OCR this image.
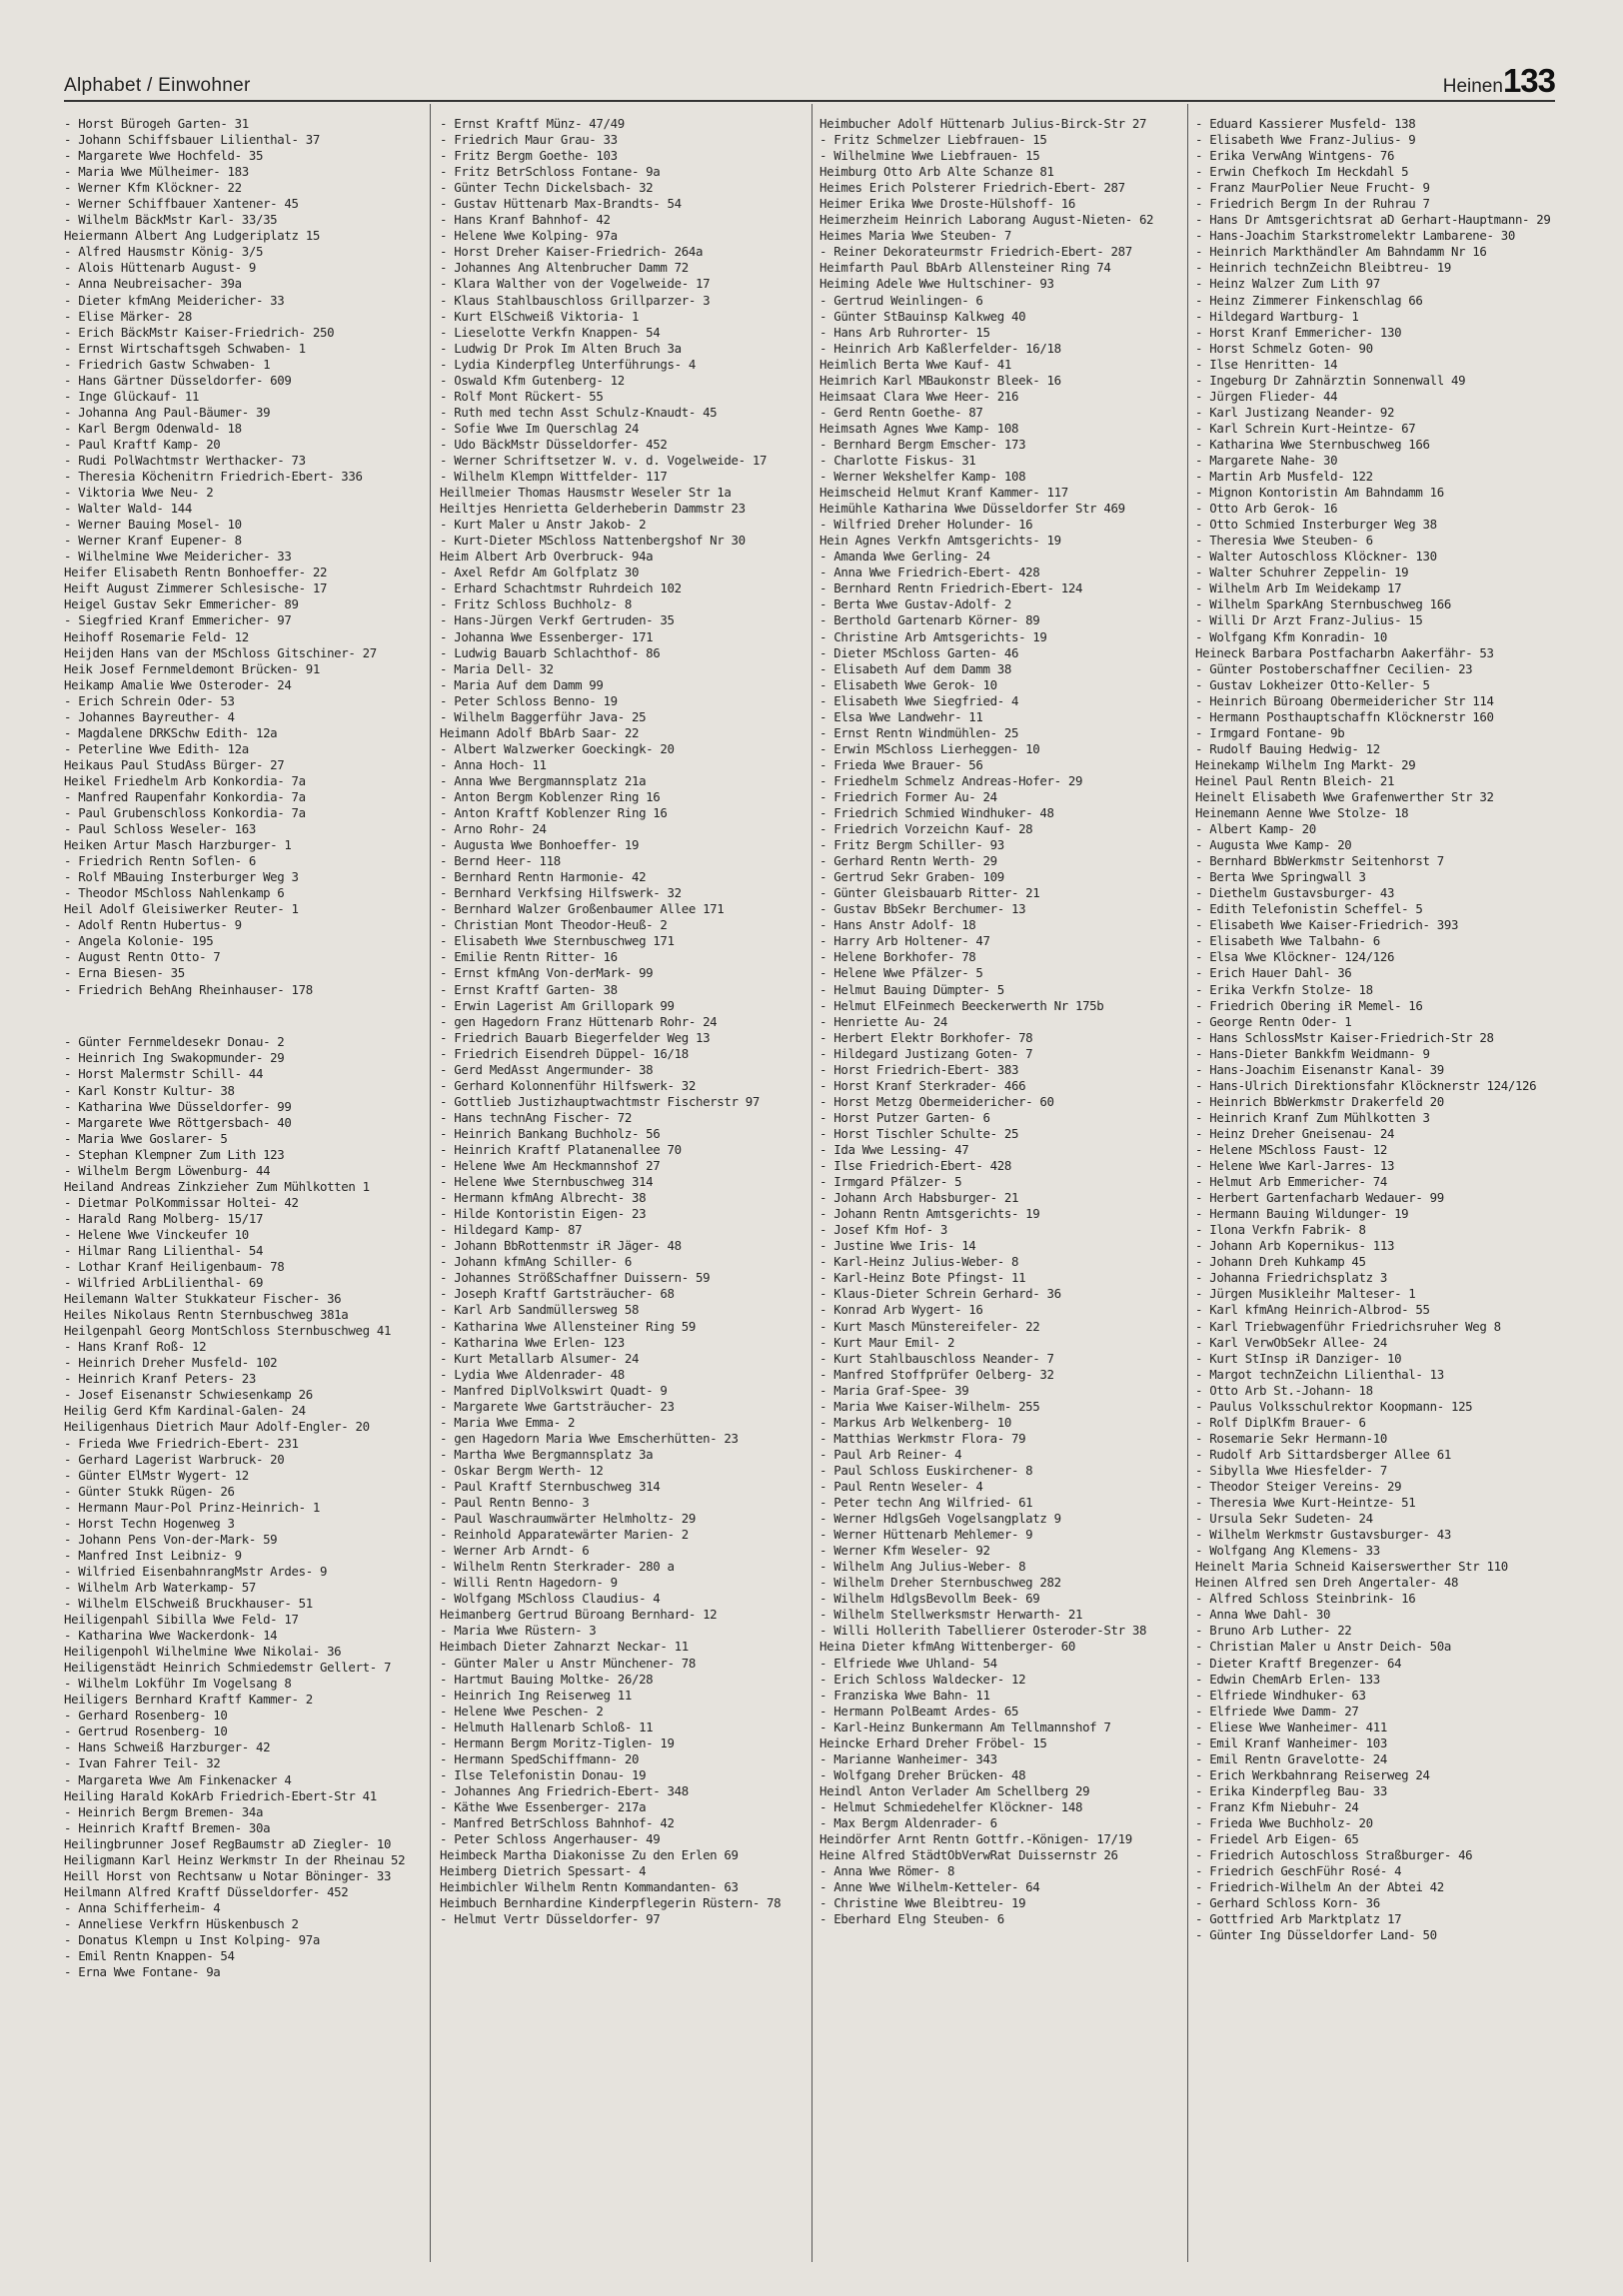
Alphabet / Einwohner	Heinen133

- Horst Bürogeh Garten- 31

- Johann Schiffsbauer Lilienthal- 37

- Margarete Wwe Hochfeld- 35

- Maria Wwe Mülheimer- 183

- Werner Kfm Klöckner- 22

- Werner Schiffbauer Xantener- 45

- Wilhelm BäckMstr Karl- 33/35

Heiermann Albert Ang Ludgeriplatz 15

- Alfred Hausmstr König- 3/5

- Alois Hüttenarb August- 9

- Anna Neubreisacher- 39a

- Dieter kfmAng Meidericher- 33

- Elise Märker- 28

- Erich BäckMstr Kaiser-Friedrich- 250

- Ernst Wirtschaftsgeh Schwaben- 1

- Friedrich Gastw Schwaben- 1

- Hans Gärtner Düsseldorfer- 609

- Inge Glückauf- 11

- Johanna Ang Paul-Bäumer- 39

- Karl Bergm Odenwald- 18

- Paul Kraftf Kamp- 20

- Rudi PolWachtmstr Werthacker- 73

- Theresia Köchenitrn Friedrich-Ebert- 336

- Viktoria Wwe Neu- 2

- Walter Wald- 144

- Werner Bauing Mosel- 10

- Werner Kranf Eupener- 8

- Wilhelmine Wwe Meidericher- 33

Heifer Elisabeth Rentn Bonhoeffer- 22

Heift August Zimmerer Schlesische- 17

Heigel Gustav Sekr Emmericher- 89

- Siegfried Kranf Emmericher- 97

Heihoff Rosemarie Feld- 12

Heijden Hans van der MSchloss Gitschiner- 27

Heik Josef Fernmeldemont Brücken- 91

Heikamp Amalie Wwe Osteroder- 24

- Erich Schrein Oder- 53

- Johannes Bayreuther- 4

- Magdalene DRKSchw Edith- 12a

- Peterline Wwe Edith- 12a

Heikaus Paul StudAss Bürger- 27

Heikel Friedhelm Arb Konkordia- 7a

- Manfred Raupenfahr Konkordia- 7a

- Paul Grubenschloss Konkordia- 7a

- Paul Schloss Weseler- 163

Heiken Artur Masch Harzburger- 1

- Friedrich Rentn Soflen- 6

- Rolf MBauing Insterburger Weg 3

- Theodor MSchloss Nahlenkamp 6

Heil Adolf Gleisiwerker Reuter- 1

- Adolf Rentn Hubertus- 9

- Angela Kolonie- 195

- August Rentn Otto- 7

- Erna Biesen- 35

- Friedrich BehAng Rheinhauser- 178

- Günter Fernmeldesekr Donau- 2

- Heinrich Ing Swakopmunder- 29

- Horst Malermstr Schill- 44

- Karl Konstr Kultur- 38

- Katharina Wwe Düsseldorfer- 99

- Margarete Wwe Röttgersbach- 40

- Maria Wwe Goslarer- 5

- Stephan Klempner Zum Lith 123

- Wilhelm Bergm Löwenburg- 44

Heiland Andreas Zinkzieher Zum Mühlkotten 1

- Dietmar PolKommissar Holtei- 42

- Harald Rang Molberg- 15/17

- Helene Wwe Vinckeufer 10

- Hilmar Rang Lilienthal- 54

- Lothar Kranf Heiligenbaum- 78

- Wilfried ArbLilienthal- 69

Heilemann Walter Stukkateur Fischer- 36

Heiles Nikolaus Rentn Sternbuschweg 381a

Heilgenpahl Georg MontSchloss Sternbuschweg 41

- Hans Kranf Roß- 12

- Heinrich Dreher Musfeld- 102

- Heinrich Kranf Peters- 23

- Josef Eisenanstr Schwiesenkamp 26

Heilig Gerd Kfm Kardinal-Galen- 24

Heiligenhaus Dietrich Maur Adolf-Engler- 20

- Frieda Wwe Friedrich-Ebert- 231

- Gerhard Lagerist Warbruck- 20

- Günter ElMstr Wygert- 12

- Günter Stukk Rügen- 26

- Hermann Maur-Pol Prinz-Heinrich- 1

- Horst Techn Hogenweg 3

- Johann Pens Von-der-Mark- 59

- Manfred Inst Leibniz- 9

- Wilfried EisenbahnrangMstr Ardes- 9

- Wilhelm Arb Waterkamp- 57

- Wilhelm ElSchweiß Bruckhauser- 51

Heiligenpahl Sibilla Wwe Feld- 17

- Katharina Wwe Wackerdonk- 14

Heiligenpohl Wilhelmine Wwe Nikolai- 36

Heiligenstädt Heinrich Schmiedemstr Gellert- 7

- Wilhelm Lokführ Im Vogelsang 8

Heiligers Bernhard Kraftf Kammer- 2

- Gerhard Rosenberg- 10

- Gertrud Rosenberg- 10

- Hans Schweiß Harzburger- 42

- Ivan Fahrer Teil- 32

- Margareta Wwe Am Finkenacker 4

Heiling Harald KokArb Friedrich-Ebert-Str 41

- Heinrich Bergm Bremen- 34a

- Heinrich Kraftf Bremen- 30a

Heilingbrunner Josef RegBaumstr aD Ziegler- 10

Heiligmann Karl Heinz Werkmstr In der Rheinau 52

Heill Horst von Rechtsanw u Notar Böninger- 33

Heilmann Alfred Kraftf Düsseldorfer- 452

- Anna Schifferheim- 4

- Anneliese Verkfrn Hüskenbusch 2

- Donatus Klempn u Inst Kolping- 97a

- Emil Rentn Knappen- 54

- Erna Wwe Fontane- 9a

- Ernst Kraftf Münz- 47/49

- Friedrich Maur Grau- 33

- Fritz Bergm Goethe- 103

- Fritz BetrSchloss Fontane- 9a

- Günter Techn Dickelsbach- 32

- Gustav Hüttenarb Max-Brandts- 54

- Hans Kranf Bahnhof- 42

- Helene Wwe Kolping- 97a

- Horst Dreher Kaiser-Friedrich- 264a

- Johannes Ang Altenbrucher Damm 72

- Klara Walther von der Vogelweide- 17

- Klaus Stahlbauschloss Grillparzer- 3

- Kurt ElSchweiß Viktoria- 1

- Lieselotte Verkfn Knappen- 54

- Ludwig Dr Prok Im Alten Bruch 3a

- Lydia Kinderpfleg Unterführungs- 4

- Oswald Kfm Gutenberg- 12

- Rolf Mont Rückert- 55

- Ruth med techn Asst Schulz-Knaudt- 45

- Sofie Wwe Im Querschlag 24

- Udo BäckMstr Düsseldorfer- 452

- Werner Schriftsetzer W. v. d. Vogelweide- 17

- Wilhelm Klempn Wittfelder- 117

Heillmeier Thomas Hausmstr Weseler Str 1a

Heiltjes Henrietta Gelderheberin Dammstr 23

- Kurt Maler u Anstr Jakob- 2

- Kurt-Dieter MSchloss Nattenbergshof Nr 30

Heim Albert Arb Overbruck- 94a

- Axel Refdr Am Golfplatz 30

- Erhard Schachtmstr Ruhrdeich 102

- Fritz Schloss Buchholz- 8

- Hans-Jürgen Verkf Gertruden- 35

- Johanna Wwe Essenberger- 171

- Ludwig Bauarb Schlachthof- 86

- Maria Dell- 32

- Maria Auf dem Damm 99

- Peter Schloss Benno- 19

- Wilhelm Baggerführ Java- 25

Heimann Adolf BbArb Saar- 22

- Albert Walzwerker Goeckingk- 20

- Anna Hoch- 11

- Anna Wwe Bergmannsplatz 21a

- Anton Bergm Koblenzer Ring 16

- Anton Kraftf Koblenzer Ring 16

- Arno Rohr- 24

- Augusta Wwe Bonhoeffer- 19

- Bernd Heer- 118

- Bernhard Rentn Harmonie- 42

- Bernhard Verkfsing Hilfswerk- 32

- Bernhard Walzer Großenbaumer Allee 171

- Christian Mont Theodor-Heuß- 2

- Elisabeth Wwe Sternbuschweg 171

- Emilie Rentn Ritter- 16

- Ernst kfmAng Von-derMark- 99

- Ernst Kraftf Garten- 38

- Erwin Lagerist Am Grillopark 99

- gen Hagedorn Franz Hüttenarb Rohr- 24

- Friedrich Bauarb Biegerfelder Weg 13

- Friedrich Eisendreh Düppel- 16/18

- Gerd MedAsst Angermunder- 38

- Gerhard Kolonnenführ Hilfswerk- 32

- Gottlieb Justizhauptwachtmstr Fischerstr 97

- Hans technAng Fischer- 72

- Heinrich Bankang Buchholz- 56

- Heinrich Kraftf Platanenallee 70

- Helene Wwe Am Heckmannshof 27

- Helene Wwe Sternbuschweg 314

- Hermann kfmAng Albrecht- 38

- Hilde Kontoristin Eigen- 23

- Hildegard Kamp- 87

- Johann BbRottenmstr iR Jäger- 48

- Johann kfmAng Schiller- 6

- Johannes StrößSchaffner Duissern- 59

- Joseph Kraftf Gartsträucher- 68

- Karl Arb Sandmüllersweg 58

- Katharina Wwe Allensteiner Ring 59

- Katharina Wwe Erlen- 123

- Kurt Metallarb Alsumer- 24

- Lydia Wwe Aldenrader- 48

- Manfred DiplVolkswirt Quadt- 9

- Margarete Wwe Gartsträucher- 23

- Maria Wwe Emma- 2

- gen Hagedorn Maria Wwe Emscherhütten- 23

- Martha Wwe Bergmannsplatz 3a

- Oskar Bergm Werth- 12

- Paul Kraftf Sternbuschweg 314

- Paul Rentn Benno- 3

- Paul Waschraumwärter Helmholtz- 29

- Reinhold Apparatewärter Marien- 2

- Werner Arb Arndt- 6

- Wilhelm Rentn Sterkrader- 280 a

- Willi Rentn Hagedorn- 9

- Wolfgang MSchloss Claudius- 4

Heimanberg Gertrud Büroang Bernhard- 12

- Maria Wwe Rüstern- 3

Heimbach Dieter Zahnarzt Neckar- 11

- Günter Maler u Anstr Münchener- 78

- Hartmut Bauing Moltke- 26/28

- Heinrich Ing Reiserweg 11

- Helene Wwe Peschen- 2

- Helmuth Hallenarb Schloß- 11

- Hermann Bergm Moritz-Tiglen- 19

- Hermann SpedSchiffmann- 20

- Ilse Telefonistin Donau- 19

- Johannes Ang Friedrich-Ebert- 348

- Käthe Wwe Essenberger- 217a

- Manfred BetrSchloss Bahnhof- 42

- Peter Schloss Angerhauser- 49

Heimbeck Martha Diakonisse Zu den Erlen 69

Heimberg Dietrich Spessart- 4

Heimbichler Wilhelm Rentn Kommandanten- 63

Heimbuch Bernhardine Kinderpflegerin Rüstern- 78

- Helmut Vertr Düsseldorfer- 97

Heimbucher Adolf Hüttenarb Julius-Birck-Str 27

- Fritz Schmelzer Liebfrauen- 15

- Wilhelmine Wwe Liebfrauen- 15

Heimburg Otto Arb Alte Schanze 81

Heimes Erich Polsterer Friedrich-Ebert- 287

Heimer Erika Wwe Droste-Hülshoff- 16

Heimerzheim Heinrich Laborang August-Nieten- 62

Heimes Maria Wwe Steuben- 7

- Reiner Dekorateurmstr Friedrich-Ebert- 287

Heimfarth Paul BbArb Allensteiner Ring 74

Heiming Adele Wwe Hultschiner- 93

- Gertrud Weinlingen- 6

- Günter StBauinsp Kalkweg 40

- Hans Arb Ruhrorter- 15

- Heinrich Arb Kaßlerfelder- 16/18

Heimlich Berta Wwe Kauf- 41

Heimrich Karl MBaukonstr Bleek- 16

Heimsaat Clara Wwe Heer- 216

- Gerd Rentn Goethe- 87

Heimsath Agnes Wwe Kamp- 108

- Bernhard Bergm Emscher- 173

- Charlotte Fiskus- 31

- Werner Wekshelfer Kamp- 108

Heimscheid Helmut Kranf Kammer- 117

Heimühle Katharina Wwe Düsseldorfer Str 469

- Wilfried Dreher Holunder- 16

Hein Agnes Verkfn Amtsgerichts- 19

- Amanda Wwe Gerling- 24

- Anna Wwe Friedrich-Ebert- 428

- Bernhard Rentn Friedrich-Ebert- 124

- Berta Wwe Gustav-Adolf- 2

- Berthold Gartenarb Körner- 89

- Christine Arb Amtsgerichts- 19

- Dieter MSchloss Garten- 46

- Elisabeth Auf dem Damm 38

- Elisabeth Wwe Gerok- 10

- Elisabeth Wwe Siegfried- 4

- Elsa Wwe Landwehr- 11

- Ernst Rentn Windmühlen- 25

- Erwin MSchloss Lierheggen- 10

- Frieda Wwe Brauer- 56

- Friedhelm Schmelz Andreas-Hofer- 29

- Friedrich Former Au- 24

- Friedrich Schmied Windhuker- 48

- Friedrich Vorzeichn Kauf- 28

- Fritz Bergm Schiller- 93

- Gerhard Rentn Werth- 29

- Gertrud Sekr Graben- 109

- Günter Gleisbauarb Ritter- 21

- Gustav BbSekr Berchumer- 13

- Hans Anstr Adolf- 18

- Harry Arb Holtener- 47

- Helene Borkhofer- 78

- Helene Wwe Pfälzer- 5

- Helmut Bauing Dümpter- 5

- Helmut ElFeinmech Beeckerwerth Nr 175b

- Henriette Au- 24

- Herbert Elektr Borkhofer- 78

- Hildegard Justizang Goten- 7

- Horst Friedrich-Ebert- 383

- Horst Kranf Sterkrader- 466

- Horst Metzg Obermeidericher- 60

- Horst Putzer Garten- 6

- Horst Tischler Schulte- 25

- Ida Wwe Lessing- 47

- Ilse Friedrich-Ebert- 428

- Irmgard Pfälzer- 5

- Johann Arch Habsburger- 21

- Johann Rentn Amtsgerichts- 19

- Josef Kfm Hof- 3

- Justine Wwe Iris- 14

- Karl-Heinz Julius-Weber- 8

- Karl-Heinz Bote Pfingst- 11

- Klaus-Dieter Schrein Gerhard- 36

- Konrad Arb Wygert- 16

- Kurt Masch Münstereifeler- 22

- Kurt Maur Emil- 2

- Kurt Stahlbauschloss Neander- 7

- Manfred Stoffprüfer Oelberg- 32

- Maria Graf-Spee- 39

- Maria Wwe Kaiser-Wilhelm- 255

- Markus Arb Welkenberg- 10

- Matthias Werkmstr Flora- 79

- Paul Arb Reiner- 4

- Paul Schloss Euskirchener- 8

- Paul Rentn Weseler- 4

- Peter techn Ang Wilfried- 61

- Werner HdlgsGeh Vogelsangplatz 9

- Werner Hüttenarb Mehlemer- 9

- Werner Kfm Weseler- 92

- Wilhelm Ang Julius-Weber- 8

- Wilhelm Dreher Sternbuschweg 282

- Wilhelm HdlgsBevollm Beek- 69

- Wilhelm Stellwerksmstr Herwarth- 21

- Willi Hollerith Tabellierer Osteroder-Str 38

Heina Dieter kfmAng Wittenberger- 60

- Elfriede Wwe Uhland- 54

- Erich Schloss Waldecker- 12

- Franziska Wwe Bahn- 11

- Hermann PolBeamt Ardes- 65

- Karl-Heinz Bunkermann Am Tellmannshof 7

Heincke Erhard Dreher Fröbel- 15

- Marianne Wanheimer- 343

- Wolfgang Dreher Brücken- 48

Heindl Anton Verlader Am Schellberg 29

- Helmut Schmiedehelfer Klöckner- 148

- Max Bergm Aldenrader- 6

Heindörfer Arnt Rentn Gottfr.-Königen- 17/19

Heine Alfred StädtObVerwRat Duissernstr 26

- Anna Wwe Römer- 8

- Anne Wwe Wilhelm-Ketteler- 64

- Christine Wwe Bleibtreu- 19

- Eberhard Elng Steuben- 6

- Eduard Kassierer Musfeld- 138

- Elisabeth Wwe Franz-Julius- 9

- Erika VerwAng Wintgens- 76

- Erwin Chefkoch Im Heckdahl 5

- Franz MaurPolier Neue Frucht- 9

- Friedrich Bergm In der Ruhrau 7

- Hans Dr Amtsgerichtsrat aD Gerhart-Hauptmann- 29

- Hans-Joachim Starkstromelektr Lambarene- 30

- Heinrich Markthändler Am Bahndamm Nr 16

- Heinrich technZeichn Bleibtreu- 19

- Heinz Walzer Zum Lith 97

- Heinz Zimmerer Finkenschlag 66

- Hildegard Wartburg- 1

- Horst Kranf Emmericher- 130

- Horst Schmelz Goten- 90

- Ilse Henritten- 14

- Ingeburg Dr Zahnärztin Sonnenwall 49

- Jürgen Flieder- 44

- Karl Justizang Neander- 92

- Karl Schrein Kurt-Heintze- 67

- Katharina Wwe Sternbuschweg 166

- Margarete Nahe- 30

- Martin Arb Musfeld- 122

- Mignon Kontoristin Am Bahndamm 16

- Otto Arb Gerok- 16

- Otto Schmied Insterburger Weg 38

- Theresia Wwe Steuben- 6

- Walter Autoschloss Klöckner- 130

- Walter Schuhrer Zeppelin- 19

- Wilhelm Arb Im Weidekamp 17

- Wilhelm SparkAng Sternbuschweg 166

- Willi Dr Arzt Franz-Julius- 15

- Wolfgang Kfm Konradin- 10

Heineck Barbara Postfacharbn Aakerfähr- 53

- Günter Postoberschaffner Cecilien- 23

- Gustav Lokheizer Otto-Keller- 5

- Heinrich Büroang Obermeidericher Str 114

- Hermann Posthauptschaffn Klöcknerstr 160

- Irmgard Fontane- 9b

- Rudolf Bauing Hedwig- 12

Heinekamp Wilhelm Ing Markt- 29

Heinel Paul Rentn Bleich- 21

Heinelt Elisabeth Wwe Grafenwerther Str 32

Heinemann Aenne Wwe Stolze- 18

- Albert Kamp- 20

- Augusta Wwe Kamp- 20

- Bernhard BbWerkmstr Seitenhorst 7

- Berta Wwe Springwall 3

- Diethelm Gustavsburger- 43

- Edith Telefonistin Scheffel- 5

- Elisabeth Wwe Kaiser-Friedrich- 393

- Elisabeth Wwe Talbahn- 6

- Elsa Wwe Klöckner- 124/126

- Erich Hauer Dahl- 36

- Erika Verkfn Stolze- 18

- Friedrich Obering iR Memel- 16

- George Rentn Oder- 1

- Hans SchlossMstr Kaiser-Friedrich-Str 28

- Hans-Dieter Bankkfm Weidmann- 9

- Hans-Joachim Eisenanstr Kanal- 39

- Hans-Ulrich Direktionsfahr Klöcknerstr 124/126

- Heinrich BbWerkmstr Drakerfeld 20

- Heinrich Kranf Zum Mühlkotten 3

- Heinz Dreher Gneisenau- 24

- Helene MSchloss Faust- 12

- Helene Wwe Karl-Jarres- 13

- Helmut Arb Emmericher- 74

- Herbert Gartenfacharb Wedauer- 99

- Hermann Bauing Wildunger- 19

- Ilona Verkfn Fabrik- 8

- Johann Arb Kopernikus- 113

- Johann Dreh Kuhkamp 45

- Johanna Friedrichsplatz 3

- Jürgen Musikleihr Malteser- 1

- Karl kfmAng Heinrich-Albrod- 55

- Karl Triebwagenführ Friedrichsruher Weg 8

- Karl VerwObSekr Allee- 24

- Kurt StInsp iR Danziger- 10

- Margot technZeichn Lilienthal- 13

- Otto Arb St.-Johann- 18

- Paulus Volksschulrektor Koopmann- 125

- Rolf DiplKfm Brauer- 6

- Rosemarie Sekr Hermann-10

- Rudolf Arb Sittardsberger Allee 61

- Sibylla Wwe Hiesfelder- 7

- Theodor Steiger Vereins- 29

- Theresia Wwe Kurt-Heintze- 51

- Ursula Sekr Sudeten- 24

- Wilhelm Werkmstr Gustavsburger- 43

- Wolfgang Ang Klemens- 33

Heinelt Maria Schneid Kaiserswerther Str 110

Heinen Alfred sen Dreh Angertaler- 48

- Alfred Schloss Steinbrink- 16

- Anna Wwe Dahl- 30

- Bruno Arb Luther- 22

- Christian Maler u Anstr Deich- 50a

- Dieter Kraftf Bregenzer- 64

- Edwin ChemArb Erlen- 133

- Elfriede Windhuker- 63

- Elfriede Wwe Damm- 27

- Eliese Wwe Wanheimer- 411

- Emil Kranf Wanheimer- 103

- Emil Rentn Gravelotte- 24

- Erich Werkbahnrang Reiserweg 24

- Erika Kinderpfleg Bau- 33

- Franz Kfm Niebuhr- 24

- Frieda Wwe Buchholz- 20

- Friedel Arb Eigen- 65

- Friedrich Autoschloss Straßburger- 46

- Friedrich GeschFühr Rosé- 4

- Friedrich-Wilhelm An der Abtei 42

- Gerhard Schloss Korn- 36

- Gottfried Arb Marktplatz 17

- Günter Ing Düsseldorfer Land- 50
